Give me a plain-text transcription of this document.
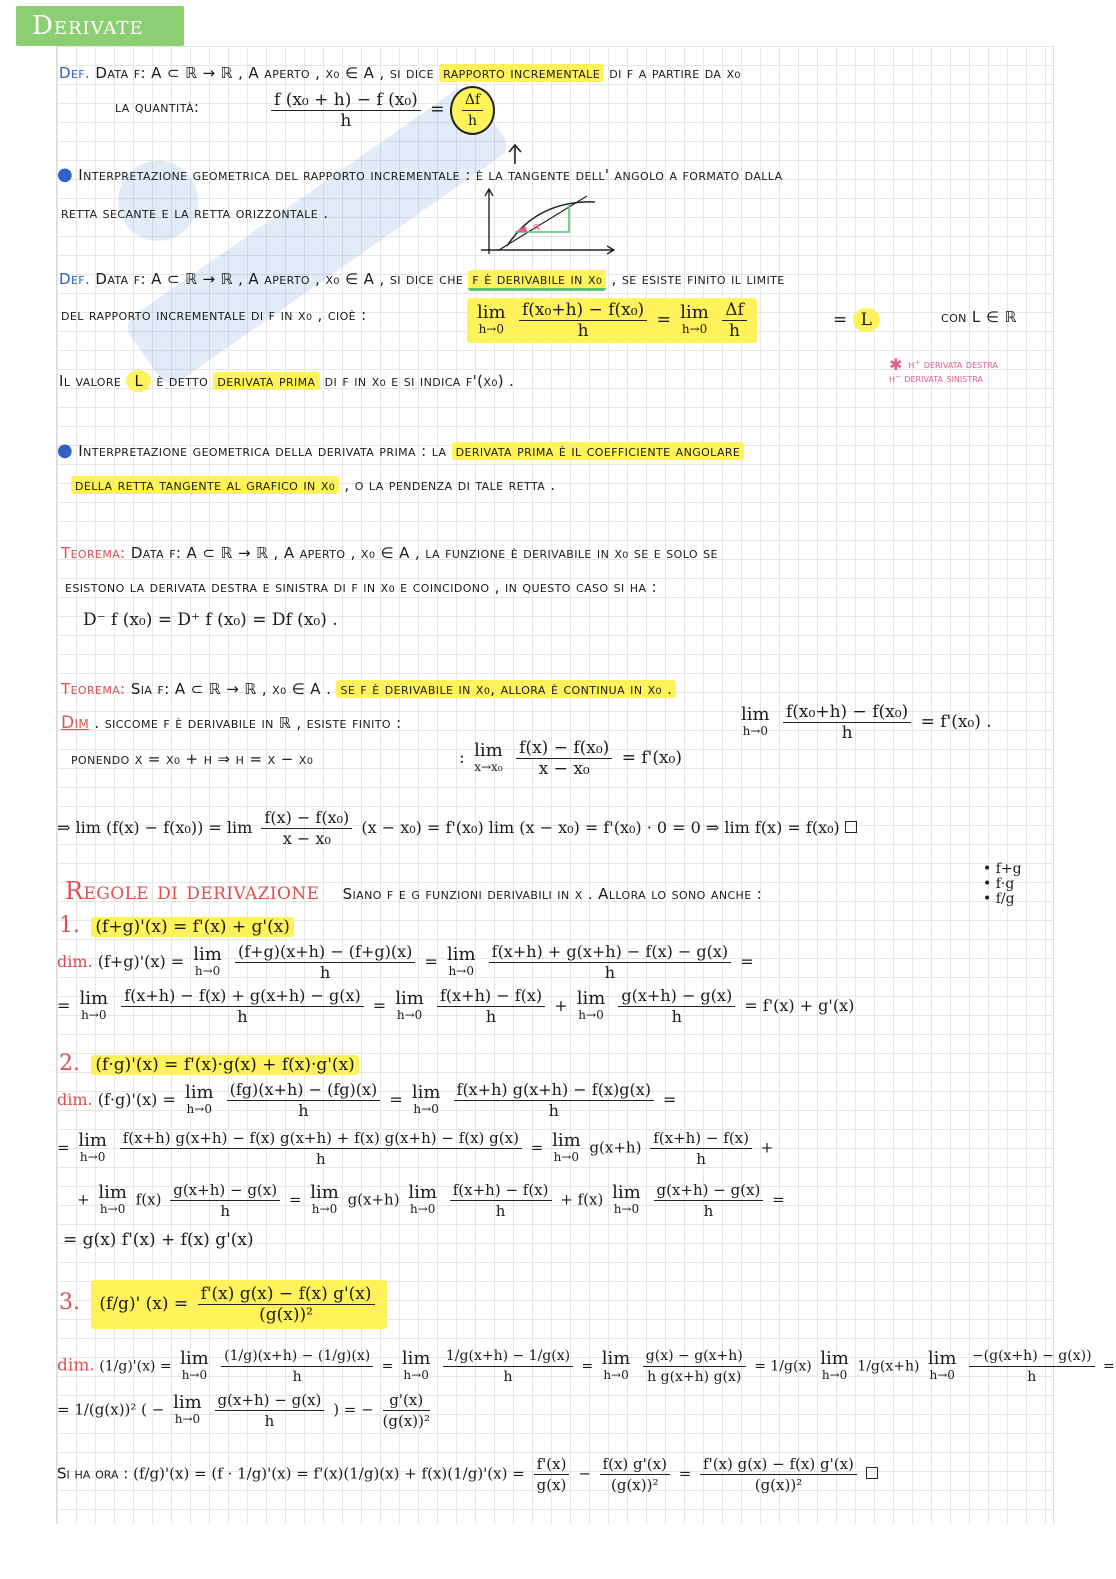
Derivate
Def. Data f: A ⊂ ℝ → ℝ , A aperto , x₀ ∈ A , si dice rapporto incrementale di f a partire da x₀
la quantità:	$\frac{\text{f (x₀ + h) − f (x₀)}}{h} = \frac{\Delta f}{h}$
● Interpretazione geometrica del rapporto incrementale : è la tangente dell' angolo α formato dalla
retta secante e la retta orizzontale .
α
Def. Data f: A ⊂ ℝ → ℝ , A aperto , x₀ ∈ A , si dice che f è derivabile in x₀ , se esiste finito il limite
del rapporto incrementale di f in x₀ , cioè :	lim
h→0
$\frac{\text{f(x₀+h) − f(x₀)}}{h} = \lim$
h→0
$\frac{\Delta f}{h}$	= L	con L ∈ ℝ
Il valore L è detto derivata prima di f in x₀ e si indica f'(x₀) .
✱ h⁺ derivata destra
h⁻ derivata sinistra
● Interpretazione geometrica della derivata prima : la derivata prima è il coefficiente angolare
della retta tangente al grafico in x₀ , o la pendenza di tale retta .
Teorema: Data f: A ⊂ ℝ → ℝ , A aperto , x₀ ∈ A , la funzione è derivabile in x₀ se e solo se
esistono la derivata destra e sinistra di f in x₀ e coincidono , in questo caso si ha :
D⁻ f (x₀) = D⁺ f (x₀) = Df (x₀) .
Teorema: Sia f: A ⊂ ℝ → ℝ , x₀ ∈ A . se f è derivabile in x₀, allora è continua in x₀ .
Dim . siccome f è derivabile in ℝ , esiste finito :	lim
h→0
$\frac{\text{f(x₀+h) − f(x₀)}}{h} = f'(x_0)$ .
ponendo x = x₀ + h ⇒ h = x − x₀	: lim
x→x₀
$\frac{\text{f(x) − f(x₀)}}{\text{x − x₀}} = f'(x_0)$
⇒ $\lim (f(x) - f(x_0)) = \lim \frac{\text{f(x) − f(x₀)}}{\text{x − x₀}} (x - x_0) = f'(x_0)$ lim (x − x₀) = f'(x₀) · 0 = 0 ⇒ lim f(x) = f(x₀)
Regole di derivazione Siano f e g funzioni derivabili in x . Allora lo sono anche :
• f+g
• f·g
• f/g
1. (f+g)'(x) = f'(x) + g'(x)
dim. (f+g)'(x) = lim
h→0
$\frac{(f+g)(x+h) - (f+g)(x)}{h} = \lim$
h→0
$\frac{f(x+h) + g(x+h) - f(x) - g(x)}{h}$ =
= lim
h→0
$\frac{f(x+h) - f(x) + g(x+h) - g(x)}{h} = \lim$
h→0
$\frac{f(x+h) - f(x)}{h} + \lim$
h→0
$\frac{g(x+h) - g(x)}{h} = f'(x) + g'(x)$
2. (f·g)'(x) = f'(x)·g(x) + f(x)·g'(x)
dim. (f·g)'(x) = lim
h→0
$\frac{(fg)(x+h) - (fg)(x)}{h} = \lim$
h→0
$\frac{f(x+h) g(x+h) - f(x)g(x)}{h}$ =
= lim
h→0
$\frac{f(x+h) g(x+h) - f(x) g(x+h) + f(x) g(x+h) - f(x) g(x)}{h} = \lim$
h→0 $g(x+h) \frac{f(x+h) - f(x)}{h}$ +
+ lim
h→0 $f(x) \frac{g(x+h) - g(x)}{h} = \lim$
h→0 g(x+h) lim
h→0
$\frac{f(x+h) - f(x)}{h} + f(x)$ lim
h→0
$\frac{g(x+h) - g(x)}{h}$ =
= g(x) f'(x) + f(x) g'(x)
3. (f/g)' $(x) = \frac{f'(x) g(x) - f(x) g'(x)}{\text{(g(x))²}}$
dim. (1/g)'(x) = lim
h→0
$\frac{(1/g)(x+h) - (1/g)(x)}{h} = \lim$
h→0
$\frac{1/g(x+h) - 1/g(x)}{h} = \lim$
h→0
$\frac{g(x) - g(x+h)}{\text{h g(x+h) g(x)}} = 1/g(x)$ lim
h→0 1/g(x+h) lim
h→0
$\frac{-(g(x+h) - g(x))}{h}$ =
= 1/(g(x))² ( − lim
h→0
$\frac{g(x+h) - g(x)}{h}$ ) = − $\frac{g'(x)}{\text{(g(x))²}}$
Si ha ora : $(f/g)'(x) = (f \cdot 1/g)'(x) = f'(x)(1/g)(x) + f(x)(1/g)'(x) = \frac{f'(x)}{g(x)} - \frac{f(x) g'(x)}{\text{(g(x))²}} = \frac{f'(x) g(x) - f(x) g'(x)}{\text{(g(x))²}}$
